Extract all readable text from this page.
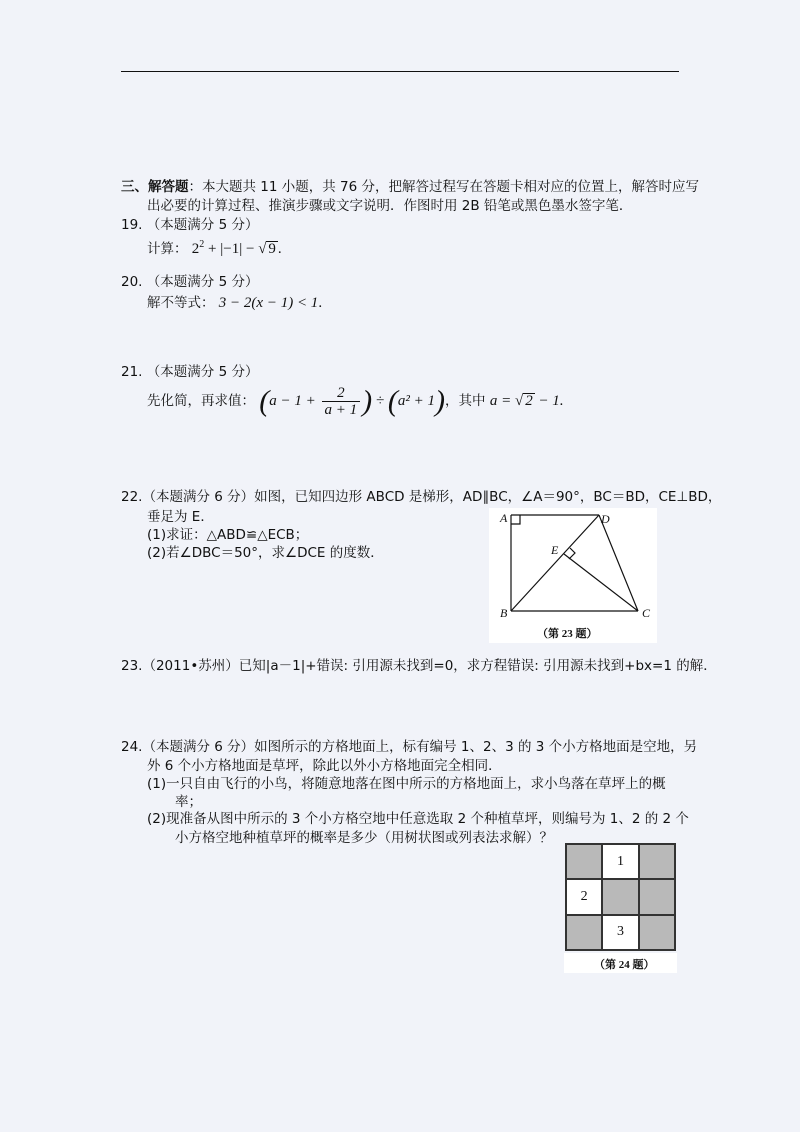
三、解答题：本大题共 11 小题，共 76 分，把解答过程写在答题卡相对应的位置上，解答时应写
出必要的计算过程、推演步骤或文字说明．作图时用 2B 铅笔或黑色墨水签字笔．
19. （本题满分 5 分）
计算： $2^2 + |-1|$ − √ 9 .
20. （本题满分 5 分）
解不等式： 3 − 2(x − 1) < 1.
21. （本题满分 5 分）
先化简，再求值： ($a - 1 + \frac{2}{a + 1}$ ) ÷ (a² + 1)，其中 a = √ 2 − 1.
22.（本题满分 6 分）如图，已知四边形 ABCD 是梯形，AD∥BC，∠A＝90°，BC＝BD，CE⊥BD，
垂足为 E．
(1)求证：△ABD≌△ECB；
(2)若∠DBC＝50°，求∠DCE 的度数．
A	D
E
B	C
（第 23 题）
23.（2011•苏州）已知|a－1|+错误: 引用源未找到=0，求方程错误: 引用源未找到+bx=1 的解．
24.（本题满分 6 分）如图所示的方格地面上，标有编号 1、2、3 的 3 个小方格地面是空地，另
外 6 个小方格地面是草坪，除此以外小方格地面完全相同．
(1)一只自由飞行的小鸟，将随意地落在图中所示的方格地面上，求小鸟落在草坪上的概
率；
(2)现准备从图中所示的 3 个小方格空地中任意选取 2 个种植草坪，则编号为 1、2 的 2 个
小方格空地种植草坪的概率是多少（用树状图或列表法求解）？
1
2
3
（第 24 题）
